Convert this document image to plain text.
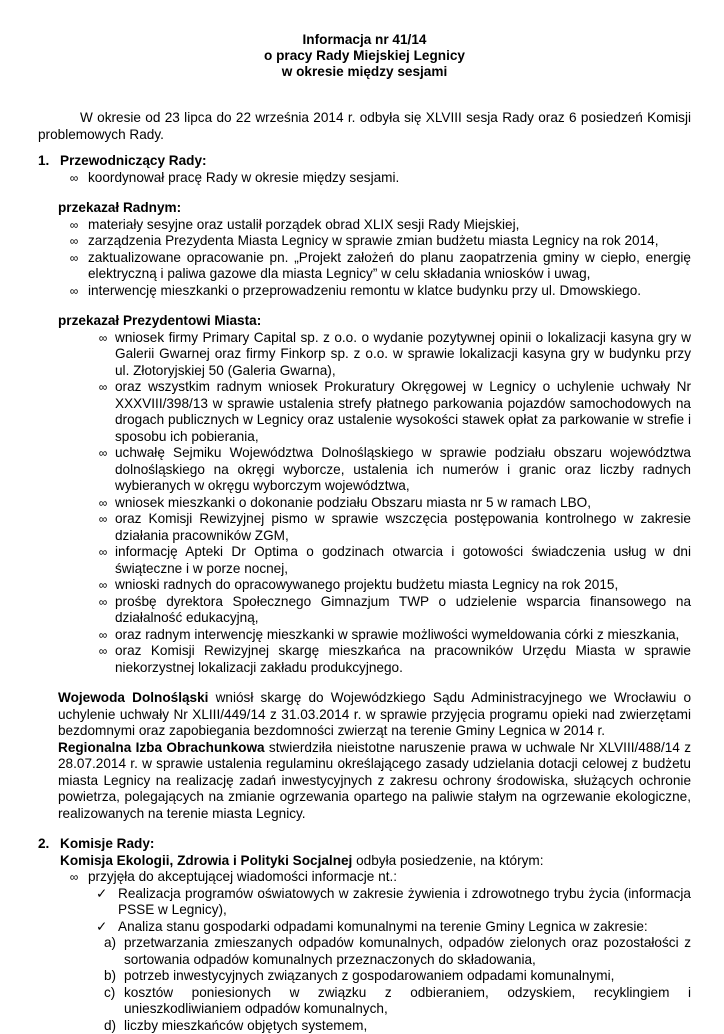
Informacja nr 41/14
o pracy Rady Miejskiej Legnicy
w okresie między sesjami

W okresie od 23 lipca do 22 września 2014 r. odbyła się XLVIII sesja Rady oraz 6 posiedzeń Komisji problemowych Rady.

1. Przewodniczący Rady:
∞ koordynował pracę Rady w okresie między sesjami.
przekazał Radnym:
∞ materiały sesyjne oraz ustalił porządek obrad XLIX sesji Rady Miejskiej,
∞ zarządzenia Prezydenta Miasta Legnicy w sprawie zmian budżetu miasta Legnicy na rok 2014,
∞ zaktualizowane opracowanie pn. „Projekt założeń do planu zaopatrzenia gminy w ciepło, energię elektryczną i paliwa gazowe dla miasta Legnicy” w celu składania wniosków i uwag,
∞ interwencję mieszkanki o przeprowadzeniu remontu w klatce budynku przy ul. Dmowskiego.
przekazał Prezydentowi Miasta:
∞ wniosek firmy Primary Capital sp. z o.o. o wydanie pozytywnej opinii o lokalizacji kasyna gry w Galerii Gwarnej oraz firmy Finkorp sp. z o.o. w sprawie lokalizacji kasyna gry w budynku przy ul. Złotoryjskiej 50 (Galeria Gwarna),
∞ oraz wszystkim radnym wniosek Prokuratury Okręgowej w Legnicy o uchylenie uchwały Nr XXXVIII/398/13 w sprawie ustalenia strefy płatnego parkowania pojazdów samochodowych na drogach publicznych w Legnicy oraz ustalenie wysokości stawek opłat za parkowanie w strefie i sposobu ich pobierania,
∞ uchwałę Sejmiku Województwa Dolnośląskiego w sprawie podziału obszaru województwa dolnośląskiego na okręgi wyborcze, ustalenia ich numerów i granic oraz liczby radnych wybieranych w okręgu wyborczym województwa,
∞ wniosek mieszkanki o dokonanie podziału Obszaru miasta nr 5 w ramach LBO,
∞ oraz Komisji Rewizyjnej pismo w sprawie wszczęcia postępowania kontrolnego w zakresie działania pracowników ZGM,
∞ informację Apteki Dr Optima o godzinach otwarcia i gotowości świadczenia usług w dni świąteczne i w porze nocnej,
∞ wnioski radnych do opracowywanego projektu budżetu miasta Legnicy na rok 2015,
∞ prośbę dyrektora Społecznego Gimnazjum TWP o udzielenie wsparcia finansowego na działalność edukacyjną,
∞ oraz radnym interwencję mieszkanki w sprawie możliwości wymeldowania córki z mieszkania,
∞ oraz Komisji Rewizyjnej skargę mieszkańca na pracowników Urzędu Miasta w sprawie niekorzystnej lokalizacji zakładu produkcyjnego.

Wojewoda Dolnośląski wniósł skargę do Wojewódzkiego Sądu Administracyjnego we Wrocławiu o uchylenie uchwały Nr XLIII/449/14 z 31.03.2014 r. w sprawie przyjęcia programu opieki nad zwierzętami bezdomnymi oraz zapobiegania bezdomności zwierząt na terenie Gminy Legnica w 2014 r.

Regionalna Izba Obrachunkowa stwierdziła nieistotne naruszenie prawa w uchwale Nr XLVIII/488/14 z 28.07.2014 r. w sprawie ustalenia regulaminu określającego zasady udzielania dotacji celowej z budżetu miasta Legnicy na realizację zadań inwestycyjnych z zakresu ochrony środowiska, służących ochronie powietrza, polegających na zmianie ogrzewania opartego na paliwie stałym na ogrzewanie ekologiczne, realizowanych na terenie miasta Legnicy.

2. Komisje Rady:

Komisja Ekologii, Zdrowia i Polityki Socjalnej odbyła posiedzenie, na którym:

∞ przyjęła do akceptującej wiadomości informacje nt.:
✓ Realizacja programów oświatowych w zakresie żywienia i zdrowotnego trybu życia (informacja PSSE w Legnicy),
✓ Analiza stanu gospodarki odpadami komunalnymi na terenie Gminy Legnica w zakresie:
a) przetwarzania zmieszanych odpadów komunalnych, odpadów zielonych oraz pozostałości z sortowania odpadów komunalnych przeznaczonych do składowania,
b) potrzeb inwestycyjnych związanych z gospodarowaniem odpadami komunalnymi,
c) kosztów poniesionych w związku z odbieraniem, odzyskiem, recyklingiem i unieszkodliwianiem odpadów komunalnych,
d) liczby mieszkańców objętych systemem,
